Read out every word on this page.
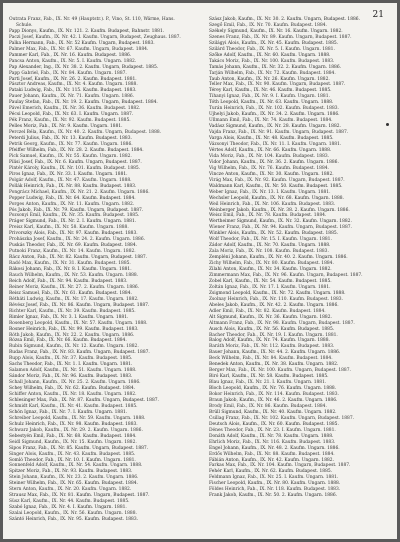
21

Outrata Franz, Fab., IX. Nr. 49 (Hauptstr.). P., Vino, St. 110, Wärme, Hans. Schule.

Papp Dionys, Kaufm., IX. Nr. 121. 2. Kaufm. Budapest, Bahnstr. 1881.

Paczi Josef, Kaufm., IX. Nr. 42. I. Kaufm. Ungarn, Budapest, Zeughaus. 1887.

Palka Hermann, Fab., IX. Nr. 52 Kaufm. Ungarn, Budapest. 1883.

Palmer Max, Fab., IX. Nr. 67. Kaufm. Ungarn, Budapest. 1884.

Pammer Karl, Fab., IX. Nr. 16. Kaufm. Budapest. 1886.

Pancsa Anton, Kaufm., IX. Nr. 5. I. Kaufm. Ungarn. 1882.

Pap Alexander, Ing., IX. Nr. 38. 2. Kaufm. Ungarn, Budapest. 1885.

Papp Gabriel, Fab., IX. Nr. 84. Kaufm. Ungarn. 1887.

Parti Josef, Kaufm., IX. Nr. 26. 2. Kaufm. Budapest. 1881.

Pásztor Andreas, Kaufm., IX. Nr. 4. Kaufm. Ungarn. 1888.

Pataki Ludwig, Fab., IX. Nr. 115. Kaufm. Budapest. 1883.

Pauer Johann, Kaufm., IX. Nr. 71. Kaufm. Ungarn. 1886.

Paulay Stefan, Fab., IX. Nr. 19. 2. Kaufm. Ungarn, Budapest. 1884.

Pável Emerich, Kaufm., IX. Nr. 36. Kaufm. Budapest. 1882.

Pécsi Leopold, Fab., IX. Nr. 63. I. Kaufm. Ungarn. 1887.

Pék Franz, Kaufm., IX. Nr. 92. Kaufm. Budapest. 1885.

Pelles Moriz, Fab., IX. Nr. 9. Kaufm. Ungarn. 1881.

Perczel Béla, Kaufm., IX. Nr. 40. 2. Kaufm. Ungarn, Budapest. 1888.

Peterdi Julius, Fab., IX. Nr. 13. Kaufm. Budapest. 1883.

Petrik Georg, Kaufm., IX. Nr. 77. Kaufm. Ungarn. 1886.

Pfeiffer Wilhelm, Fab., IX. Nr. 28. 2. Kaufm. Budapest. 1884.

Pick Samuel, Kaufm., IX. Nr. 55. Kaufm. Ungarn. 1882.

Pilisi Josef, Fab., IX. Nr. 6. Kaufm. Ungarn, Budapest. 1887.

Pintér Károly, Kaufm., IX. Nr. 101. Kaufm. Budapest. 1885.

Piros Ignaz, Fab., IX. Nr. 33. I. Kaufm. Ungarn. 1881.

Polgár Adolf, Kaufm., IX. Nr. 47. Kaufm. Ungarn. 1888.

Pollák Heinrich, Fab., IX. Nr. 88. Kaufm. Budapest. 1883.

Pongrácz Michael, Kaufm., IX. Nr. 21. 2. Kaufm. Ungarn. 1886.

Popper Ludwig, Fab., IX. Nr. 64. Kaufm. Budapest. 1884.

Porges Anton, Kaufm., IX. Nr. 11. Kaufm. Ungarn. 1882.

Pós Jakob, Fab., IX. Nr. 79. Kaufm. Ungarn, Budapest. 1887.

Pozsonyi Emil, Kaufm., IX. Nr. 35. Kaufm. Budapest. 1885.

Práger Sigmund, Fab., IX. Nr. 2. I. Kaufm. Ungarn. 1881.

Preisz Karl, Kaufm., IX. Nr. 58. Kaufm. Ungarn. 1888.

Privorszky Alois, Fab., IX. Nr. 97. Kaufm. Budapest. 1883.

Prohászka Josef, Kaufm., IX. Nr. 24. 2. Kaufm. Ungarn. 1886.

Puskás Theodor, Fab., IX. Nr. 69. Kaufm. Budapest. 1884.

Putnoki Franz, Kaufm., IX. Nr. 14. Kaufm. Ungarn. 1882.

Rácz Anton, Fab., IX. Nr. 82. Kaufm. Ungarn, Budapest. 1887.

Radó Max, Kaufm., IX. Nr. 31. Kaufm. Budapest. 1885.

Rákosi Johann, Fab., IX. Nr. 8. I. Kaufm. Ungarn. 1881.

Rauch Wilhelm, Kaufm., IX. Nr. 53. Kaufm. Ungarn. 1888.

Reich Adolf, Fab., IX. Nr. 94. Kaufm. Budapest. 1883.

Reiner Moriz, Kaufm., IX. Nr. 27. 2. Kaufm. Ungarn. 1886.

Reisz Samuel, Fab., IX. Nr. 61. Kaufm. Budapest. 1884.

Rétháti Ludwig, Kaufm., IX. Nr. 17. Kaufm. Ungarn. 1882.

Révész Josef, Fab., IX. Nr. 86. Kaufm. Ungarn, Budapest. 1887.

Richter Karl, Kaufm., IX. Nr. 39. Kaufm. Budapest. 1885.

Rimler Ignaz, Fab., IX. Nr. 3. I. Kaufm. Ungarn. 1881.

Rosenberg Leopold, Kaufm., IX. Nr. 57. Kaufm. Ungarn. 1888.

Rosner Heinrich, Fab., IX. Nr. 99. Kaufm. Budapest. 1883.

Róth Jakob, Kaufm., IX. Nr. 22. 2. Kaufm. Ungarn. 1886.

Rózsa Emil, Fab., IX. Nr. 66. Kaufm. Budapest. 1884.

Rubin Sigmund, Kaufm., IX. Nr. 12. Kaufm. Ungarn. 1882.

Rudas Franz, Fab., IX. Nr. 83. Kaufm. Ungarn, Budapest. 1887.

Rupp Alois, Kaufm., IX. Nr. 37. Kaufm. Budapest. 1885.

Sachs Theodor, Fab., IX. Nr. 1. I. Kaufm. Ungarn. 1881.

Salamon Adolf, Kaufm., IX. Nr. 51. Kaufm. Ungarn. 1888.

Sándor Moriz, Fab., IX. Nr. 96. Kaufm. Budapest. 1883.

Schall Johann, Kaufm., IX. Nr. 25. 2. Kaufm. Ungarn. 1886.

Schey Wilhelm, Fab., IX. Nr. 62. Kaufm. Budapest. 1884.

Schiffer Anton, Kaufm., IX. Nr. 18. Kaufm. Ungarn. 1882.

Schlesinger Max, Fab., IX. Nr. 87. Kaufm. Ungarn, Budapest. 1887.

Schmidt Karl, Kaufm., IX. Nr. 41. Kaufm. Budapest. 1885.

Schön Ignaz, Fab., IX. Nr. 7. I. Kaufm. Ungarn. 1881.

Schreiber Leopold, Kaufm., IX. Nr. 59. Kaufm. Ungarn. 1888.

Schulz Heinrich, Fab., IX. Nr. 98. Kaufm. Budapest. 1883.

Schwarz Jakob, Kaufm., IX. Nr. 29. 2. Kaufm. Ungarn. 1886.

Sebestyén Emil, Fab., IX. Nr. 68. Kaufm. Budapest. 1884.

Seidl Sigmund, Kaufm., IX. Nr. 15. Kaufm. Ungarn. 1882.

Sipos Franz, Fab., IX. Nr. 85. Kaufm. Ungarn, Budapest. 1887.

Singer Alois, Kaufm., IX. Nr. 43. Kaufm. Budapest. 1885.

Somló Theodor, Fab., IX. Nr. 10. I. Kaufm. Ungarn. 1881.

Sonnenfeld Adolf, Kaufm., IX. Nr. 54. Kaufm. Ungarn. 1888.

Spitzer Moriz, Fab., IX. Nr. 93. Kaufm. Budapest. 1883.

Stein Johann, Kaufm., IX. Nr. 23. 2. Kaufm. Ungarn. 1886.

Steiner Wilhelm, Fab., IX. Nr. 65. Kaufm. Budapest. 1884.

Stern Anton, Kaufm., IX. Nr. 20. Kaufm. Ungarn. 1882.

Strausz Max, Fab., IX. Nr. 81. Kaufm. Ungarn, Budapest. 1887.

Süsz Karl, Kaufm., IX. Nr. 44. Kaufm. Budapest. 1885.

Szabó Ignaz, Fab., IX. Nr. 4. I. Kaufm. Ungarn. 1881.

Szalai Leopold, Kaufm., IX. Nr. 56. Kaufm. Ungarn. 1888.

Szántó Heinrich, Fab., IX. Nr. 95. Kaufm. Budapest. 1883.

Szász Jakob, Kaufm., IX. Nr. 30. 2. Kaufm. Ungarn, Budapest. 1886.

Szegő Emil, Fab., IX. Nr. 70. Kaufm. Budapest. 1884.

Székely Sigmund, Kaufm., IX. Nr. 16. Kaufm. Ungarn. 1882.

Szenes Franz, Fab., IX. Nr. 89. Kaufm. Ungarn, Budapest. 1887.

Szilágyi Alois, Kaufm., IX. Nr. 45. Kaufm. Budapest. 1885.

Szilárd Theodor, Fab., IX. Nr. 5. I. Kaufm. Ungarn. 1881.

Szőke Adolf, Kaufm., IX. Nr. 60. Kaufm. Ungarn. 1888.

Takács Moriz, Fab., IX. Nr. 100. Kaufm. Budapest. 1883.

Tamás Johann, Kaufm., IX. Nr. 32. 2. Kaufm. Ungarn. 1886.

Tarján Wilhelm, Fab., IX. Nr. 72. Kaufm. Budapest. 1884.

Taub Anton, Kaufm., IX. Nr. 26. Kaufm. Ungarn. 1882.

Teller Max, Fab., IX. Nr. 90. Kaufm. Ungarn, Budapest. 1887.

Térey Karl, Kaufm., IX. Nr. 46. Kaufm. Budapest. 1885.

Tihanyi Ignaz, Fab., IX. Nr. 9. I. Kaufm. Ungarn. 1881.

Tóth Leopold, Kaufm., IX. Nr. 63. Kaufm. Ungarn. 1888.

Turán Heinrich, Fab., IX. Nr. 102. Kaufm. Budapest. 1883.

Ujhelyi Jakob, Kaufm., IX. Nr. 34. 2. Kaufm. Ungarn. 1886.

Ullmann Emil, Fab., IX. Nr. 74. Kaufm. Budapest. 1884.

Vadász Sigmund, Kaufm., IX. Nr. 28. Kaufm. Ungarn. 1882.

Vajda Franz, Fab., IX. Nr. 91. Kaufm. Ungarn, Budapest. 1887.

Varga Alois, Kaufm., IX. Nr. 48. Kaufm. Budapest. 1885.

Vázsonyi Theodor, Fab., IX. Nr. 11. I. Kaufm. Ungarn. 1881.

Vértes Adolf, Kaufm., IX. Nr. 66. Kaufm. Ungarn. 1888.

Vida Moriz, Fab., IX. Nr. 104. Kaufm. Budapest. 1883.

Vidor Johann, Kaufm., IX. Nr. 36. 2. Kaufm. Ungarn. 1886.

Vig Wilhelm, Fab., IX. Nr. 76. Kaufm. Budapest. 1884.

Vincze Anton, Kaufm., IX. Nr. 30. Kaufm. Ungarn. 1882.

Virág Max, Fab., IX. Nr. 92. Kaufm. Ungarn, Budapest. 1887.

Waldmann Karl, Kaufm., IX. Nr. 50. Kaufm. Budapest. 1885.

Weber Ignaz, Fab., IX. Nr. 13. I. Kaufm. Ungarn. 1881.

Wechsler Leopold, Kaufm., IX. Nr. 68. Kaufm. Ungarn. 1888.

Weil Heinrich, Fab., IX. Nr. 106. Kaufm. Budapest. 1883.

Weinberger Jakob, Kaufm., IX. Nr. 38. 2. Kaufm. Ungarn. 1886.

Weisz Emil, Fab., IX. Nr. 78. Kaufm. Budapest. 1884.

Wertheimer Sigmund, Kaufm., IX. Nr. 32. Kaufm. Ungarn. 1882.

Wiener Franz, Fab., IX. Nr. 94. Kaufm. Ungarn, Budapest. 1887.

Winkler Alois, Kaufm., IX. Nr. 52. Kaufm. Budapest. 1885.

Wolf Theodor, Fab., IX. Nr. 15. I. Kaufm. Ungarn. 1881.

Zádor Adolf, Kaufm., IX. Nr. 70. Kaufm. Ungarn. 1888.

Zala Moriz, Fab., IX. Nr. 108. Kaufm. Budapest. 1883.

Zempléni Johann, Kaufm., IX. Nr. 40. 2. Kaufm. Ungarn. 1886.

Zichy Wilhelm, Fab., IX. Nr. 80. Kaufm. Budapest. 1884.

Zilahi Anton, Kaufm., IX. Nr. 34. Kaufm. Ungarn. 1882.

Zimmermann Max, Fab., IX. Nr. 96. Kaufm. Ungarn, Budapest. 1887.

Zobel Karl, Kaufm., IX. Nr. 54. Kaufm. Budapest. 1885.

Zoltán Ignaz, Fab., IX. Nr. 17. I. Kaufm. Ungarn. 1881.

Zsigmond Leopold, Kaufm., IX. Nr. 72. Kaufm. Ungarn. 1888.

Zsolnay Heinrich, Fab., IX. Nr. 110. Kaufm. Budapest. 1883.

Abeles Jakob, Kaufm., IX. Nr. 42. 2. Kaufm. Ungarn. 1886.

Adler Emil, Fab., IX. Nr. 82. Kaufm. Budapest. 1884.

Alt Sigmund, Kaufm., IX. Nr. 36. Kaufm. Ungarn. 1882.

Altmann Franz, Fab., IX. Nr. 98. Kaufm. Ungarn, Budapest. 1887.

Ausch Alois, Kaufm., IX. Nr. 56. Kaufm. Budapest. 1885.

Bacher Theodor, Fab., IX. Nr. 19. I. Kaufm. Ungarn. 1881.

Balog Adolf, Kaufm., IX. Nr. 74. Kaufm. Ungarn. 1888.

Baráth Moriz, Fab., IX. Nr. 112. Kaufm. Budapest. 1883.

Bauer Johann, Kaufm., IX. Nr. 44. 2. Kaufm. Ungarn. 1886.

Beck Wilhelm, Fab., IX. Nr. 84. Kaufm. Budapest. 1884.

Benedek Anton, Kaufm., IX. Nr. 38. Kaufm. Ungarn. 1882.

Berger Max, Fab., IX. Nr. 100. Kaufm. Ungarn, Budapest. 1887.

Biró Karl, Kaufm., IX. Nr. 58. Kaufm. Budapest. 1885.

Blau Ignaz, Fab., IX. Nr. 21. I. Kaufm. Ungarn. 1881.

Bloch Leopold, Kaufm., IX. Nr. 76. Kaufm. Ungarn. 1888.

Bokor Heinrich, Fab., IX. Nr. 114. Kaufm. Budapest. 1883.

Braun Jakob, Kaufm., IX. Nr. 46. 2. Kaufm. Ungarn. 1886.

Brody Emil, Fab., IX. Nr. 86. Kaufm. Budapest. 1884.

Brüll Sigmund, Kaufm., IX. Nr. 40. Kaufm. Ungarn. 1882.

Csillag Franz, Fab., IX. Nr. 102. Kaufm. Ungarn, Budapest. 1887.

Deutsch Alois, Kaufm., IX. Nr. 60. Kaufm. Budapest. 1885.

Dénes Theodor, Fab., IX. Nr. 23. I. Kaufm. Ungarn. 1881.

Donáth Adolf, Kaufm., IX. Nr. 78. Kaufm. Ungarn. 1888.

Ehrlich Moriz, Fab., IX. Nr. 116. Kaufm. Budapest. 1883.

Engel Johann, Kaufm., IX. Nr. 48. 2. Kaufm. Ungarn. 1886.

Erdős Wilhelm, Fab., IX. Nr. 88. Kaufm. Budapest. 1884.

Fábián Anton, Kaufm., IX. Nr. 42. Kaufm. Ungarn. 1882.

Farkas Max, Fab., IX. Nr. 104. Kaufm. Ungarn, Budapest. 1887.

Fehér Karl, Kaufm., IX. Nr. 62. Kaufm. Budapest. 1885.

Feldmann Ignaz, Fab., IX. Nr. 25. I. Kaufm. Ungarn. 1881.

Fischer Leopold, Kaufm., IX. Nr. 80. Kaufm. Ungarn. 1888.

Földes Heinrich, Fab., IX. Nr. 118. Kaufm. Budapest. 1883.

Frank Jakob, Kaufm., IX. Nr. 50. 2. Kaufm. Ungarn. 1886.
